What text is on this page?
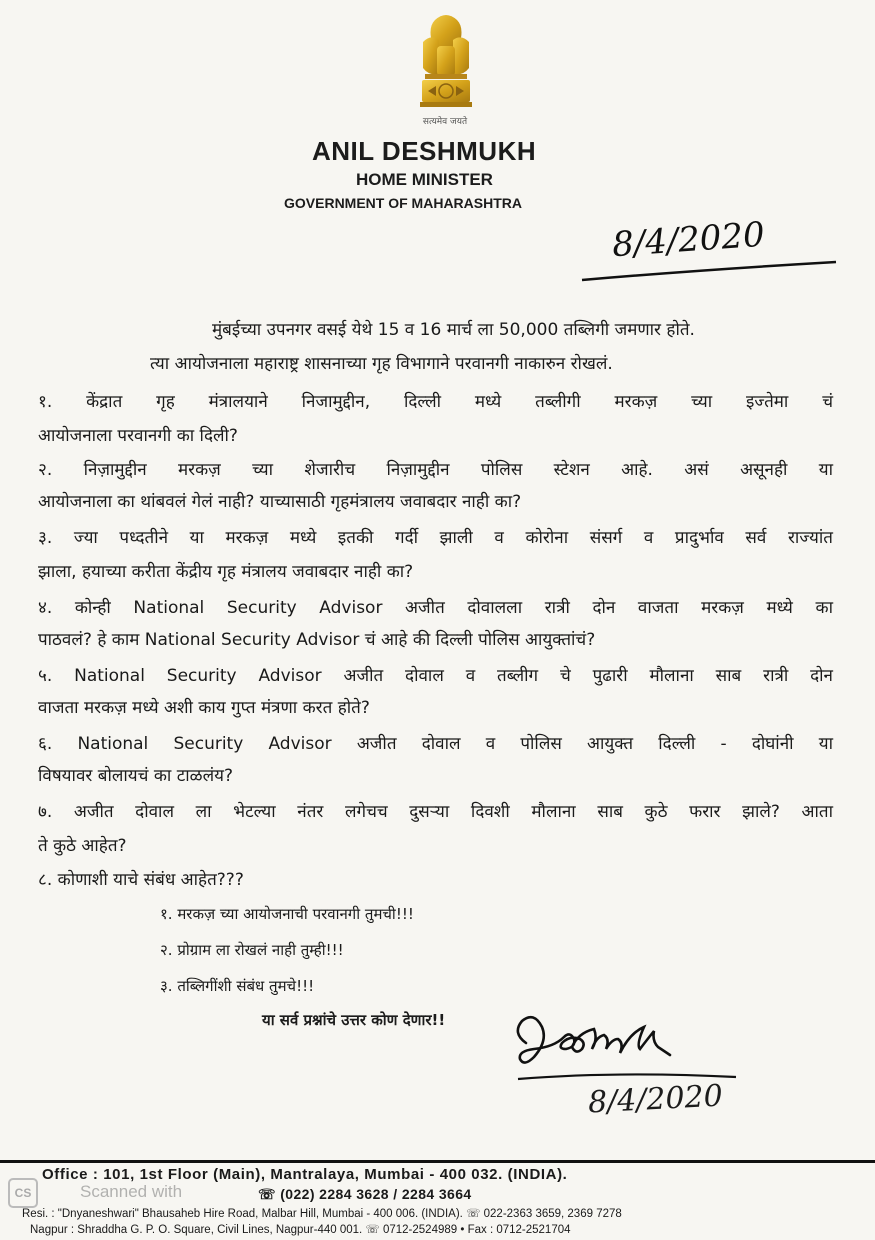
सत्यमेव जयते
ANIL DESHMUKH
HOME MINISTER
GOVERNMENT OF MAHARASHTRA
8/4/2020
मुंबईच्या उपनगर वसई येथे 15 व 16 मार्च ला 50,000 तब्लिगी जमणार होते.
त्या आयोजनाला महाराष्ट्र शासनाच्या गृह विभागाने परवानगी नाकारुन रोखलं.
१. केंद्रात गृह मंत्रालयाने निजामुद्दीन, दिल्ली मध्ये तब्लीगी मरकज़ च्या इज्तेमा चं
आयोजनाला परवानगी का दिली?
२. निज़ामुद्दीन मरकज़ च्या शेजारीच निज़ामुद्दीन पोलिस स्टेशन आहे. असं असूनही या
आयोजनाला का थांबवलं गेलं नाही? याच्यासाठी गृहमंत्रालय जवाबदार नाही का?
३. ज्या पध्दतीने या मरकज़ मध्ये इतकी गर्दी झाली व कोरोना संसर्ग व प्रादुर्भाव सर्व राज्यांत
झाला, हयाच्या करीता केंद्रीय गृह मंत्रालय जवाबदार नाही का?
४. कोन्ही National Security Advisor अजीत दोवालला रात्री दोन वाजता मरकज़ मध्ये का
पाठवलं? हे काम National Security Advisor चं आहे की दिल्ली पोलिस आयुक्तांचं?
५. National Security Advisor अजीत दोवाल व तब्लीग चे पुढारी मौलाना साब रात्री दोन
वाजता मरकज़ मध्ये अशी काय गुप्त मंत्रणा करत होते?
६. National Security Advisor अजीत दोवाल व पोलिस आयुक्त दिल्ली - दोघांनी या
विषयावर बोलायचं का टाळलंय?
७. अजीत दोवाल ला भेटल्या नंतर लगेचच दुसऱ्या दिवशी मौलाना साब कुठे फरार झाले? आता
ते कुठे आहेत?
८. कोणाशी याचे संबंध आहेत???
१. मरकज़ च्या आयोजनाची परवानगी तुमची!!!
२. प्रोग्राम ला रोखलं नाही तुम्ही!!!
३. तब्लिगींशी संबंध तुमचे!!!
या सर्व प्रश्नांचे उत्तर कोण देणार!!
8/4/2020
Office : 101, 1st Floor (Main), Mantralaya, Mumbai - 400 032. (INDIA).
☏ (022) 2284 3628 / 2284 3664
Resi. : "Dnyaneshwari" Bhausaheb Hire Road, Malbar Hill, Mumbai - 400 006. (INDIA). ☏ 022-2363 3659, 2369 7278
Nagpur : Shraddha G. P. O. Square, Civil Lines, Nagpur-440 001. ☏ 0712-2524989 • Fax : 0712-2521704
CS	Scanned with
